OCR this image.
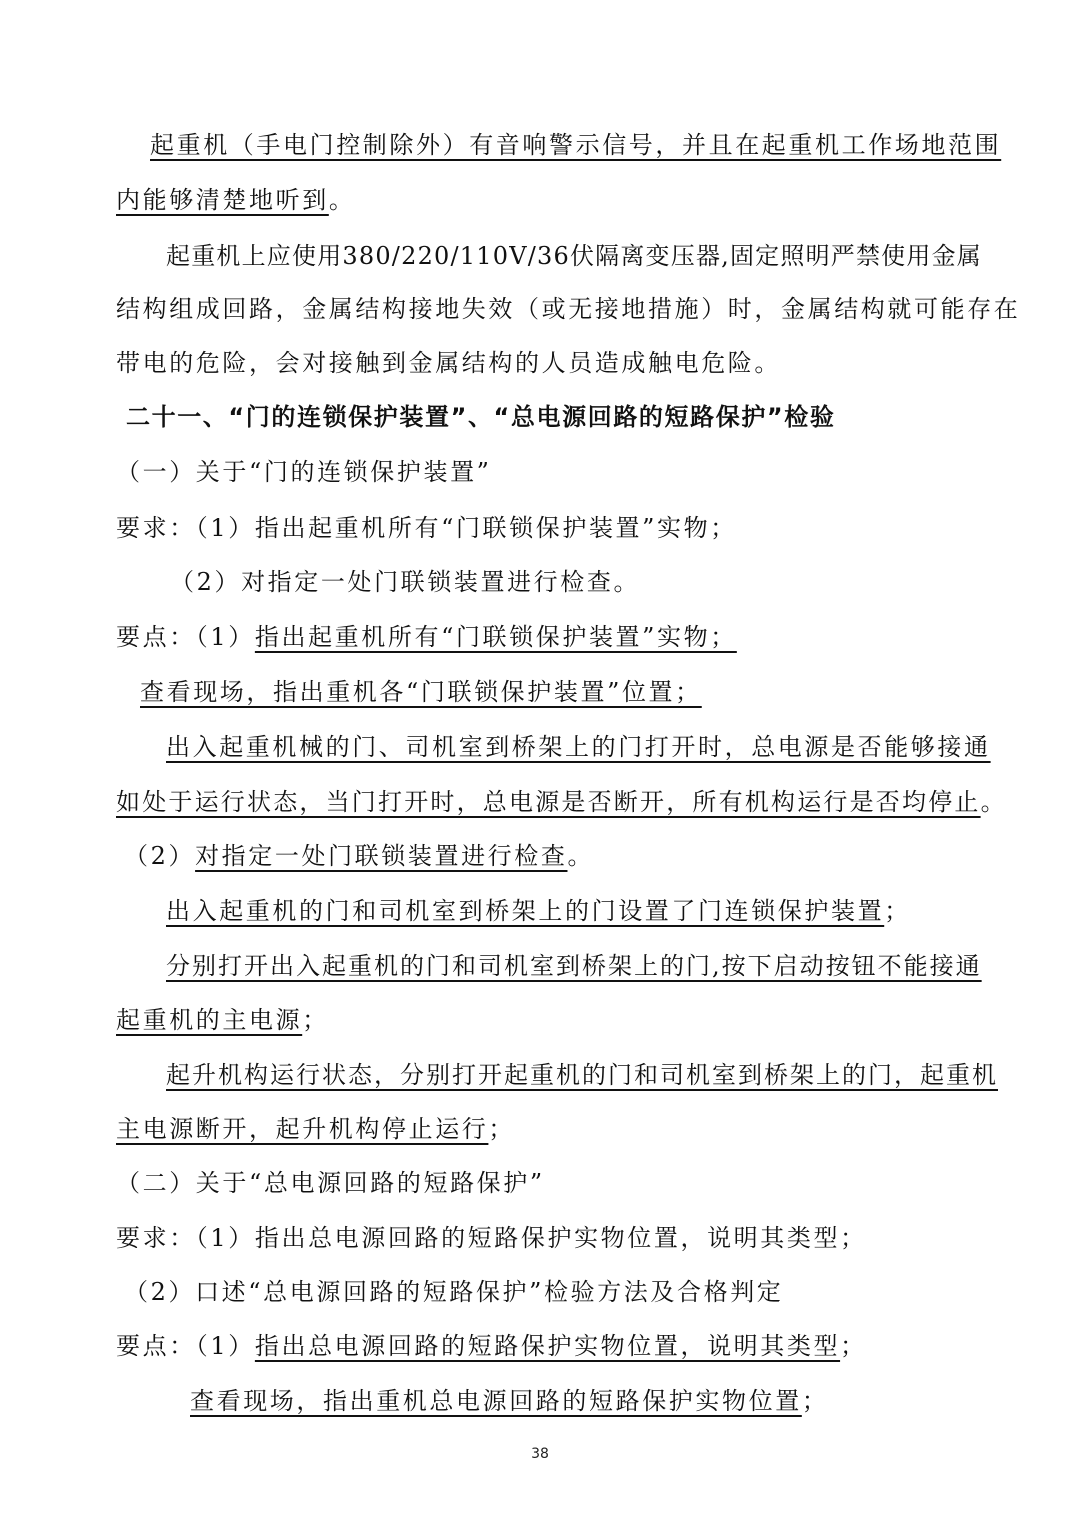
起重机（手电门控制除外）有音响警示信号，并且在起重机工作场地范围
内能够清楚地听到。
起重机上应使用380/220/110V/36伏隔离变压器,固定照明严禁使用金属
结构组成回路，金属结构接地失效（或无接地措施）时，金属结构就可能存在
带电的危险，会对接触到金属结构的人员造成触电危险。
二十一、“门的连锁保护装置”、“总电源回路的短路保护”检验
（一）关于“门的连锁保护装置”
要求：（1）指出起重机所有“门联锁保护装置”实物；
（2）对指定一处门联锁装置进行检查。
要点：（1）指出起重机所有“门联锁保护装置”实物；
查看现场，指出重机各“门联锁保护装置”位置；
出入起重机械的门、司机室到桥架上的门打开时，总电源是否能够接通
如处于运行状态，当门打开时，总电源是否断开，所有机构运行是否均停止。
（2）对指定一处门联锁装置进行检查。
出入起重机的门和司机室到桥架上的门设置了门连锁保护装置；
分别打开出入起重机的门和司机室到桥架上的门,按下启动按钮不能接通
起重机的主电源；
起升机构运行状态，分别打开起重机的门和司机室到桥架上的门，起重机
主电源断开，起升机构停止运行；
（二）关于“总电源回路的短路保护”
要求：（1）指出总电源回路的短路保护实物位置，说明其类型；
（2）口述“总电源回路的短路保护”检验方法及合格判定
要点：（1）指出总电源回路的短路保护实物位置，说明其类型；
查看现场，指出重机总电源回路的短路保护实物位置；
38
